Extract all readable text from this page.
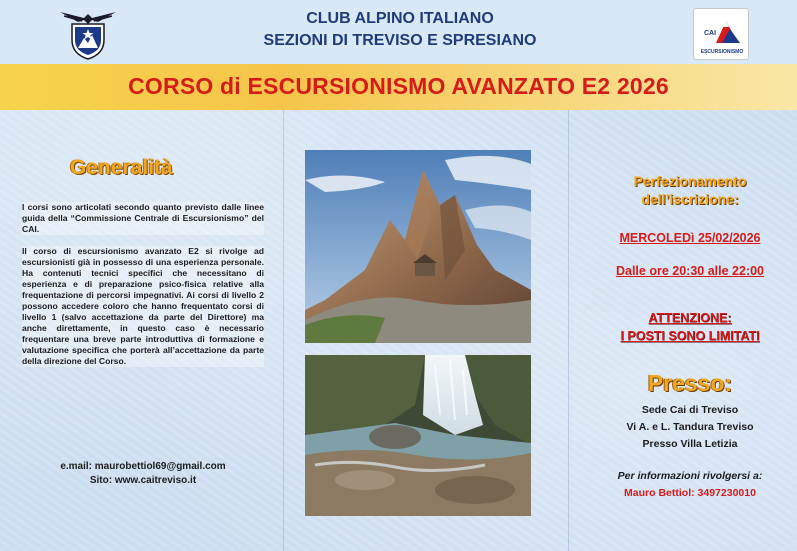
CLUB ALPINO ITALIANO
SEZIONI DI TREVISO E SPRESIANO	CAI
ESCURSIONISMO
CORSO di ESCURSIONISMO AVANZATO E2 2026
Generalità

I corsi sono articolati secondo quanto previsto dalle linee guida della “Commissione Centrale di Escursionismo” del CAI.

Il corso di escursionismo avanzato E2 si rivolge ad escursionisti già in possesso di una esperienza personale. Ha contenuti tecnici specifici che necessitano di esperienza e di preparazione psico-fisica relative alla frequentazione di percorsi impegnativi. Ai corsi di livello 2 possono accedere coloro che hanno frequentato corsi di livello 1 (salvo accettazione da parte del Direttore) ma anche direttamente, in questo caso è necessario frequentare una breve parte introduttiva di formazione e valutazione specifica che porterà all’accettazione da parte della direzione del Corso.

e.mail: maurobettiol69@gmail.com
Sito: www.caitreviso.it
Perfezionamento
dell’iscrizione:
MERCOLEDì 25/02/2026
Dalle ore 20:30 alle 22:00
ATTENZIONE:
I POSTI SONO LIMITATI
Presso:
Sede Cai di Treviso
Vi A. e L. Tandura Treviso
Presso Villa Letizia
Per informazioni rivolgersi a:
Mauro Bettiol: 3497230010
